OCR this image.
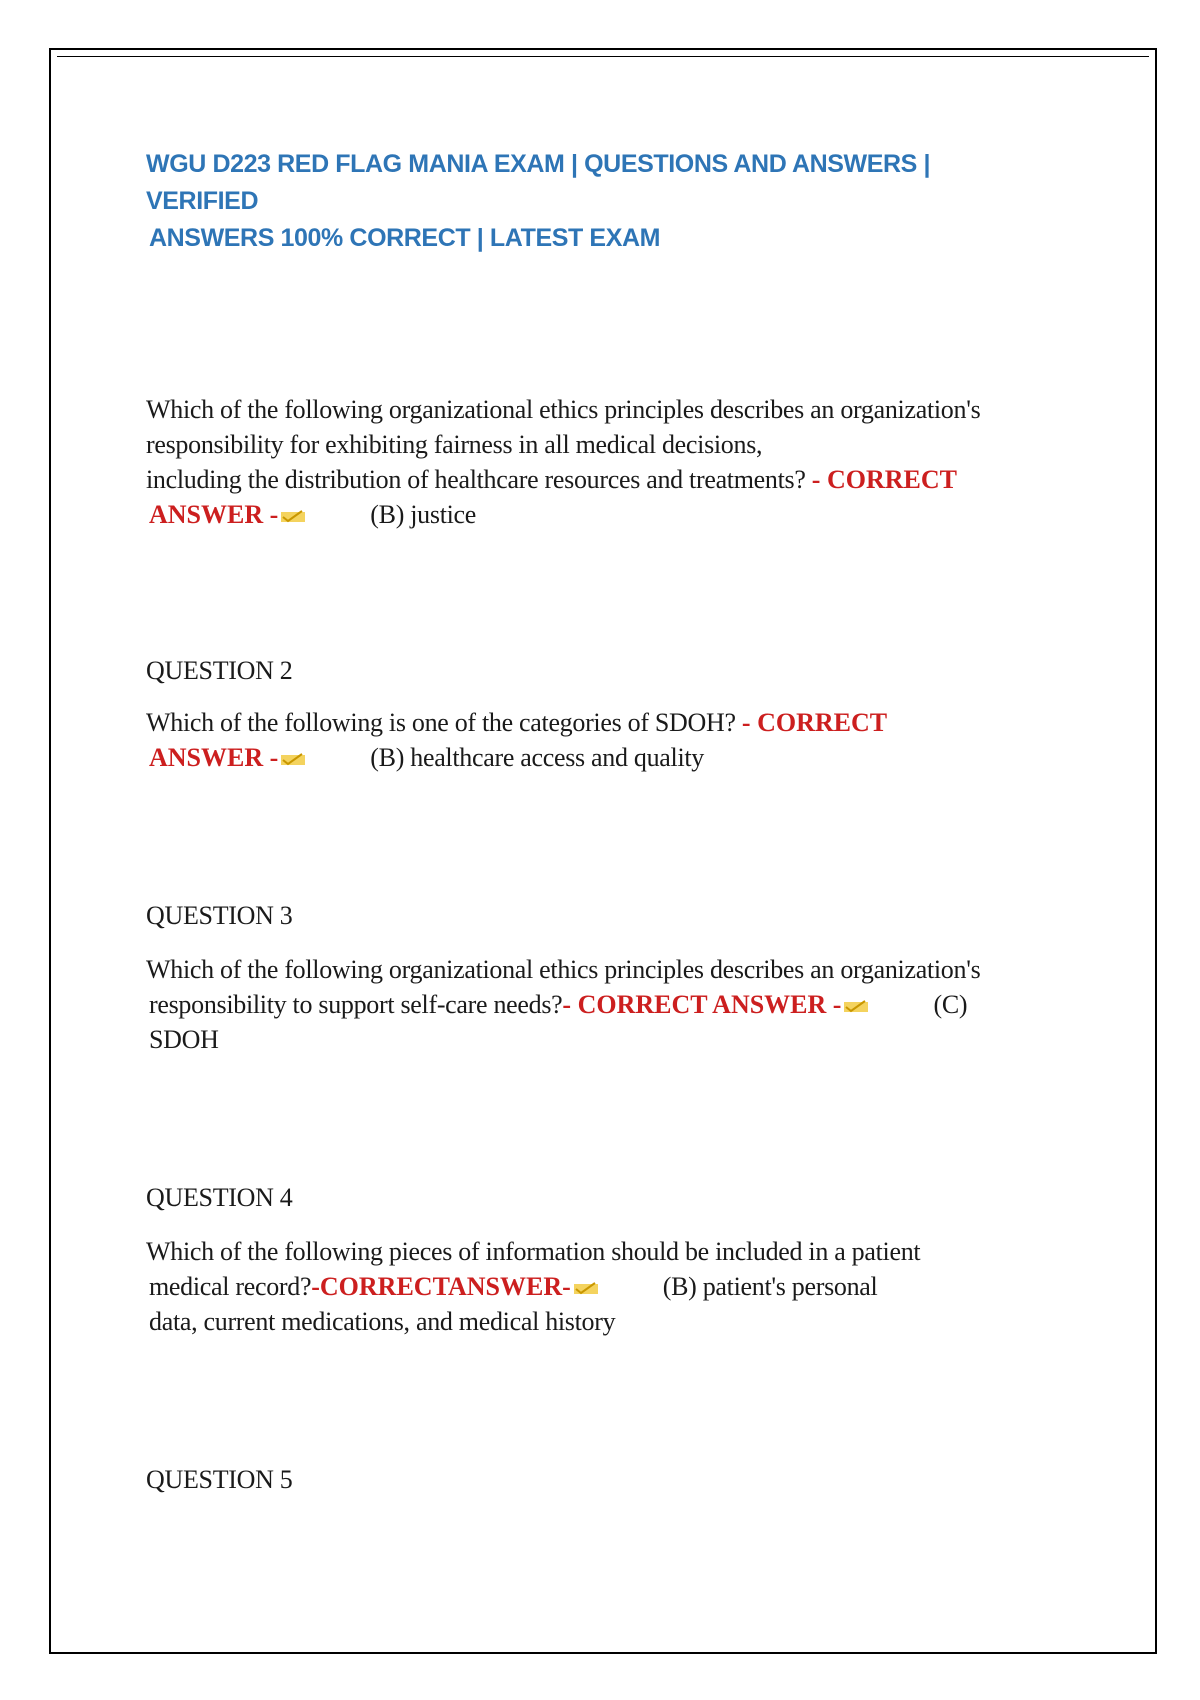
WGU D223 RED FLAG MANIA EXAM | QUESTIONS AND ANSWERS | VERIFIED
ANSWERS 100% CORRECT | LATEST EXAM
Which of the following organizational ethics principles describes an organization's
responsibility for exhibiting fairness in all medical decisions,
including the distribution of healthcare resources and treatments? - CORRECT
ANSWER -	(B) justice
QUESTION 2
Which of the following is one of the categories of SDOH? - CORRECT
ANSWER -	(B) healthcare access and quality
QUESTION 3
Which of the following organizational ethics principles describes an organization's
responsibility to support self-care needs?- CORRECT ANSWER -	(C)
SDOH
QUESTION 4
Which of the following pieces of information should be included in a patient
medical record?-CORRECTANSWER-	(B) patient's personal
data, current medications, and medical history
QUESTION 5
